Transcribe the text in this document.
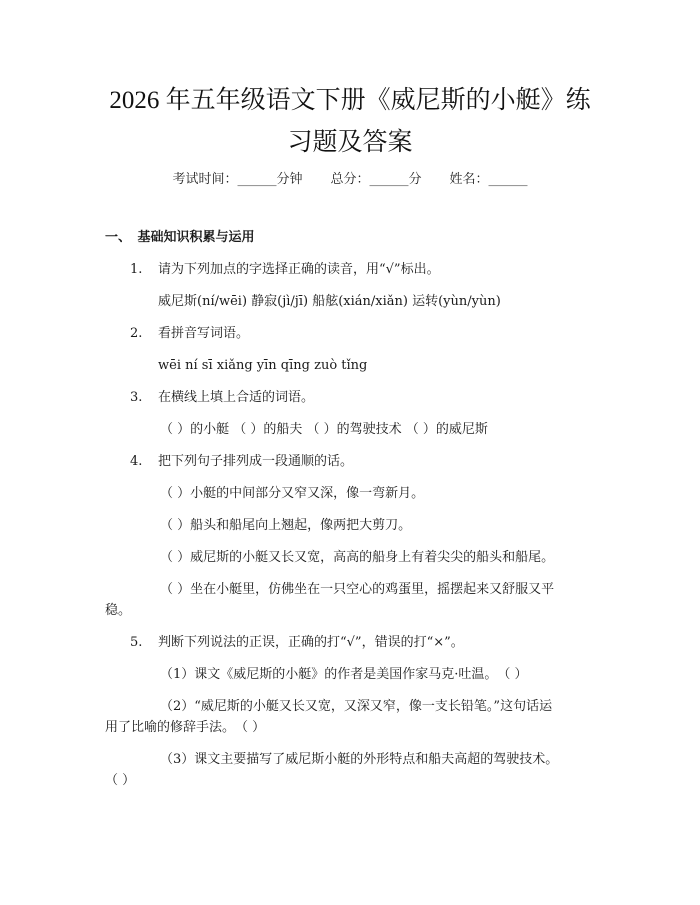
2026 年五年级语文下册《威尼斯的小艇》练
习题及答案
考试时间：______分钟 总分：______分 姓名：______
一、　基础知识积累与运用
1. 请为下列加点的字选择正确的读音，用“√”标出。
威尼斯(ní/wēi) 静寂(jì/jī) 船舷(xián/xiǎn) 运转(yùn/yùn)
2. 看拼音写词语。
wēi ní sī xiǎng yīn qīng zuò tǐng
3. 在横线上填上合适的词语。
（ ）的小艇 （ ）的船夫 （ ）的驾驶技术 （ ）的威尼斯
4. 把下列句子排列成一段通顺的话。
（ ）小艇的中间部分又窄又深，像一弯新月。
（ ）船头和船尾向上翘起，像两把大剪刀。
（ ）威尼斯的小艇又长又宽，高高的船身上有着尖尖的船头和船尾。
（ ）坐在小艇里，仿佛坐在一只空心的鸡蛋里，摇摆起来又舒服又平
稳。
5. 判断下列说法的正误，正确的打“√”，错误的打“×”。
（1）课文《威尼斯的小艇》的作者是美国作家马克·吐温。　（ ）
（2）“威尼斯的小艇又长又宽，又深又窄，像一支长铅笔。”这句话运
用了比喻的修辞手法。　（ ）
（3）课文主要描写了威尼斯小艇的外形特点和船夫高超的驾驶技术。
（ ）
